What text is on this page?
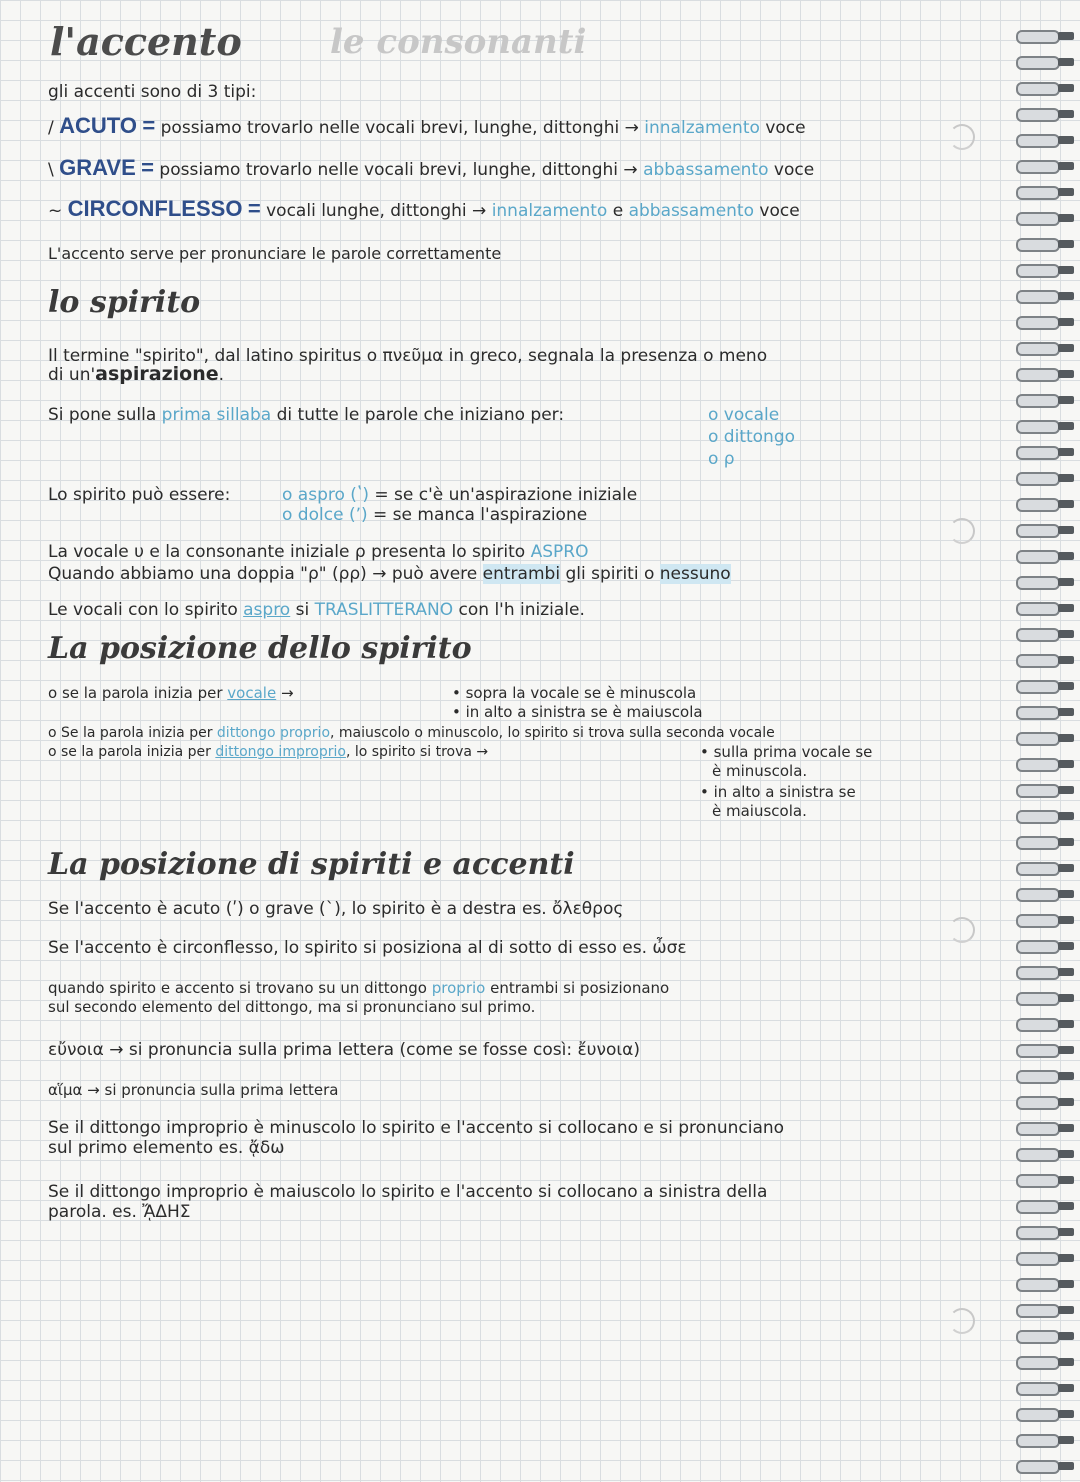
l'accento	le consonanti
gli accenti sono di 3 tipi:
/ ACUTO = possiamo trovarlo nelle vocali brevi, lunghe, dittonghi → innalzamento voce
\ GRAVE = possiamo trovarlo nelle vocali brevi, lunghe, dittonghi → abbassamento voce
~ CIRCONFLESSO = vocali lunghe, dittonghi → innalzamento e abbassamento voce
L'accento serve per pronunciare le parole correttamente
lo spirito
Il termine "spirito", dal latino spiritus o πνεῦμα in greco, segnala la presenza o meno
di un'aspirazione.
Si pone sulla prima sillaba di tutte le parole che iniziano per:	o vocale
o dittongo
o ρ
Lo spirito può essere:	o aspro (ʽ) = se c'è un'aspirazione iniziale
o dolce (ʼ) = se manca l'aspirazione
La vocale υ e la consonante iniziale ρ presenta lo spirito ASPRO
Quando abbiamo una doppia "ρ" (ρρ) → può avere entrambi gli spiriti o nessuno
Le vocali con lo spirito aspro si TRASLITTERANO con l'h iniziale.
La posizione dello spirito
o se la parola inizia per vocale →	• sopra la vocale se è minuscola
• in alto a sinistra se è maiuscola
o Se la parola inizia per dittongo proprio, maiuscolo o minuscolo, lo spirito si trova sulla seconda vocale
o se la parola inizia per dittongo improprio, lo spirito si trova →	• sulla prima vocale se
è minuscola.
• in alto a sinistra se
è maiuscola.
La posizione di spiriti e accenti
Se l'accento è acuto (ʹ) o grave (ˋ), lo spirito è a destra es. ὄλεθρος
Se l'accento è circonflesso, lo spirito si posiziona al di sotto di esso es. ὦσε
quando spirito e accento si trovano su un dittongo proprio entrambi si posizionano
sul secondo elemento del dittongo, ma si pronunciano sul primo.
εὔνοια → si pronuncia sulla prima lettera (come se fosse così: ἔυνοια)
αἵμα → si pronuncia sulla prima lettera
Se il dittongo improprio è minuscolo lo spirito e l'accento si collocano e si pronunciano
sul primo elemento es. ᾄδω
Se il dittongo improprio è maiuscolo lo spirito e l'accento si collocano a sinistra della
parola. es. ᾌΔΗΣ
